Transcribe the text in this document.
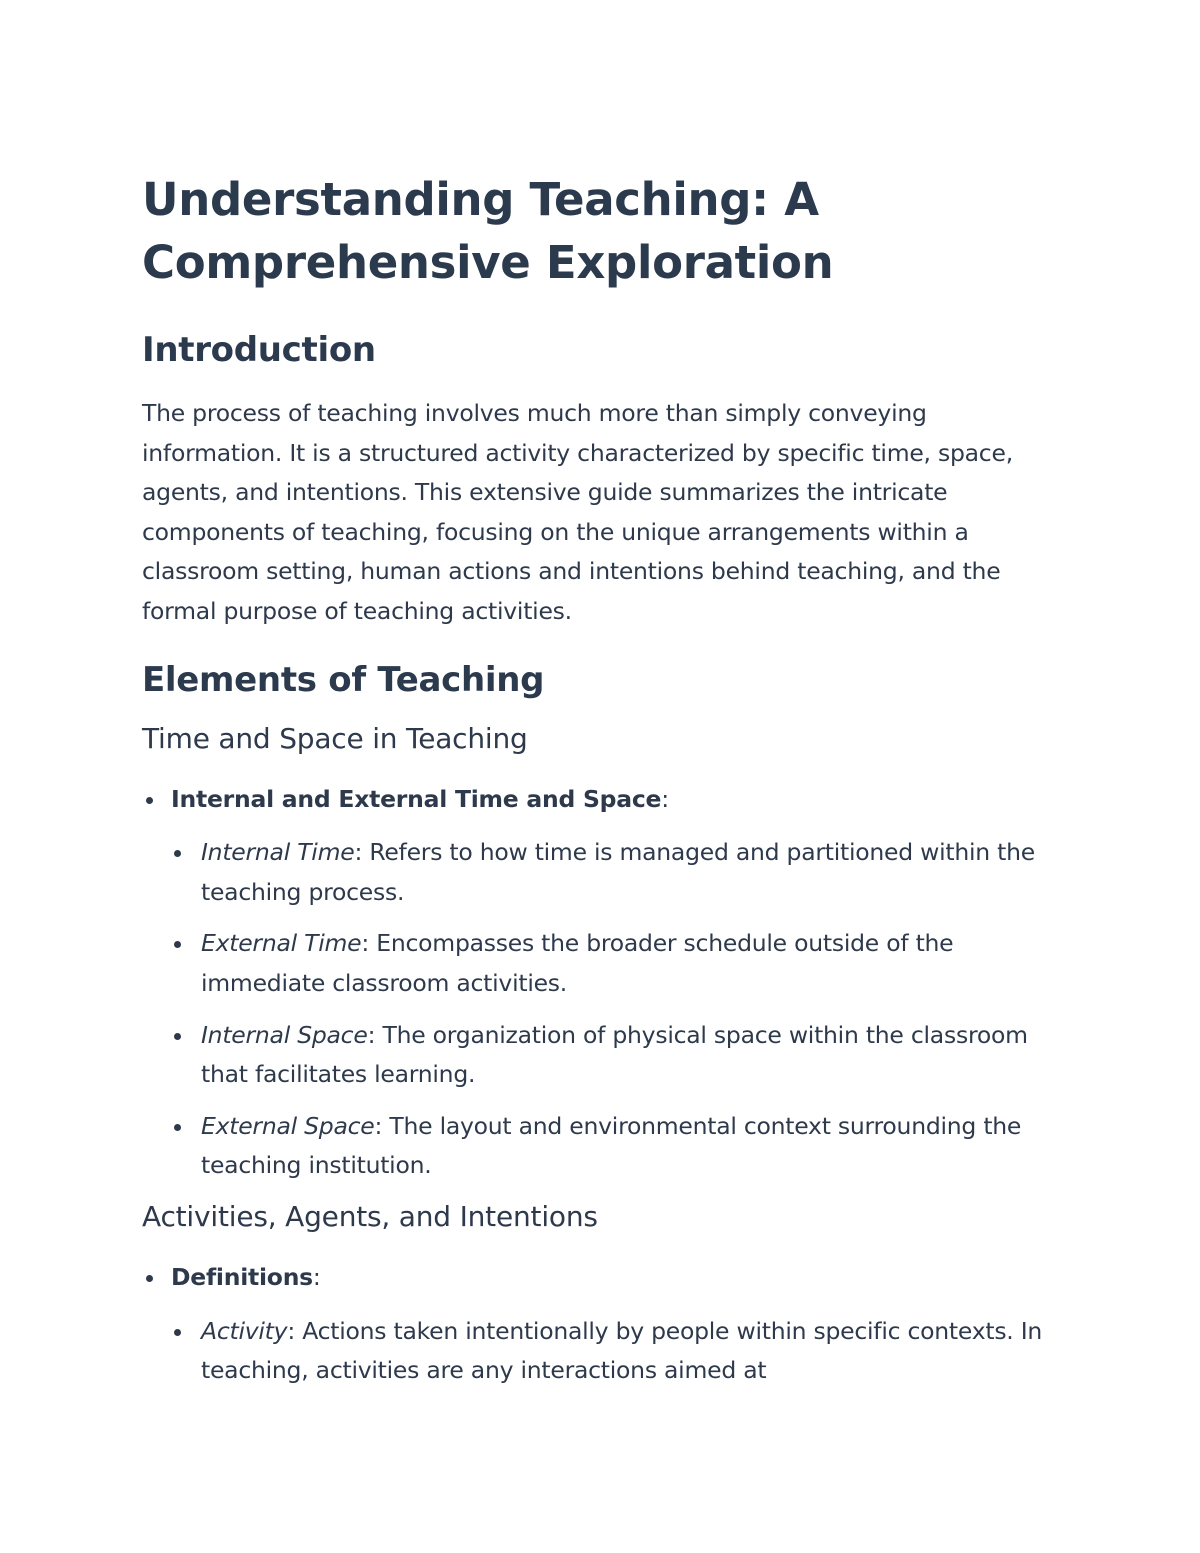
Understanding Teaching: A Comprehensive Exploration
Introduction

The process of teaching involves much more than simply conveying information. It is a structured activity characterized by specific time, space, agents, and intentions. This extensive guide summarizes the intricate components of teaching, focusing on the unique arrangements within a classroom setting, human actions and intentions behind teaching, and the formal purpose of teaching activities.

Elements of Teaching
Time and Space in Teaching
Internal and External Time and Space:
Internal Time: Refers to how time is managed and partitioned within the teaching process.
External Time: Encompasses the broader schedule outside of the immediate classroom activities.
Internal Space: The organization of physical space within the classroom that facilitates learning.
External Space: The layout and environmental context surrounding the teaching institution.
Activities, Agents, and Intentions
Definitions:
Activity: Actions taken intentionally by people within specific contexts. In teaching, activities are any interactions aimed at
